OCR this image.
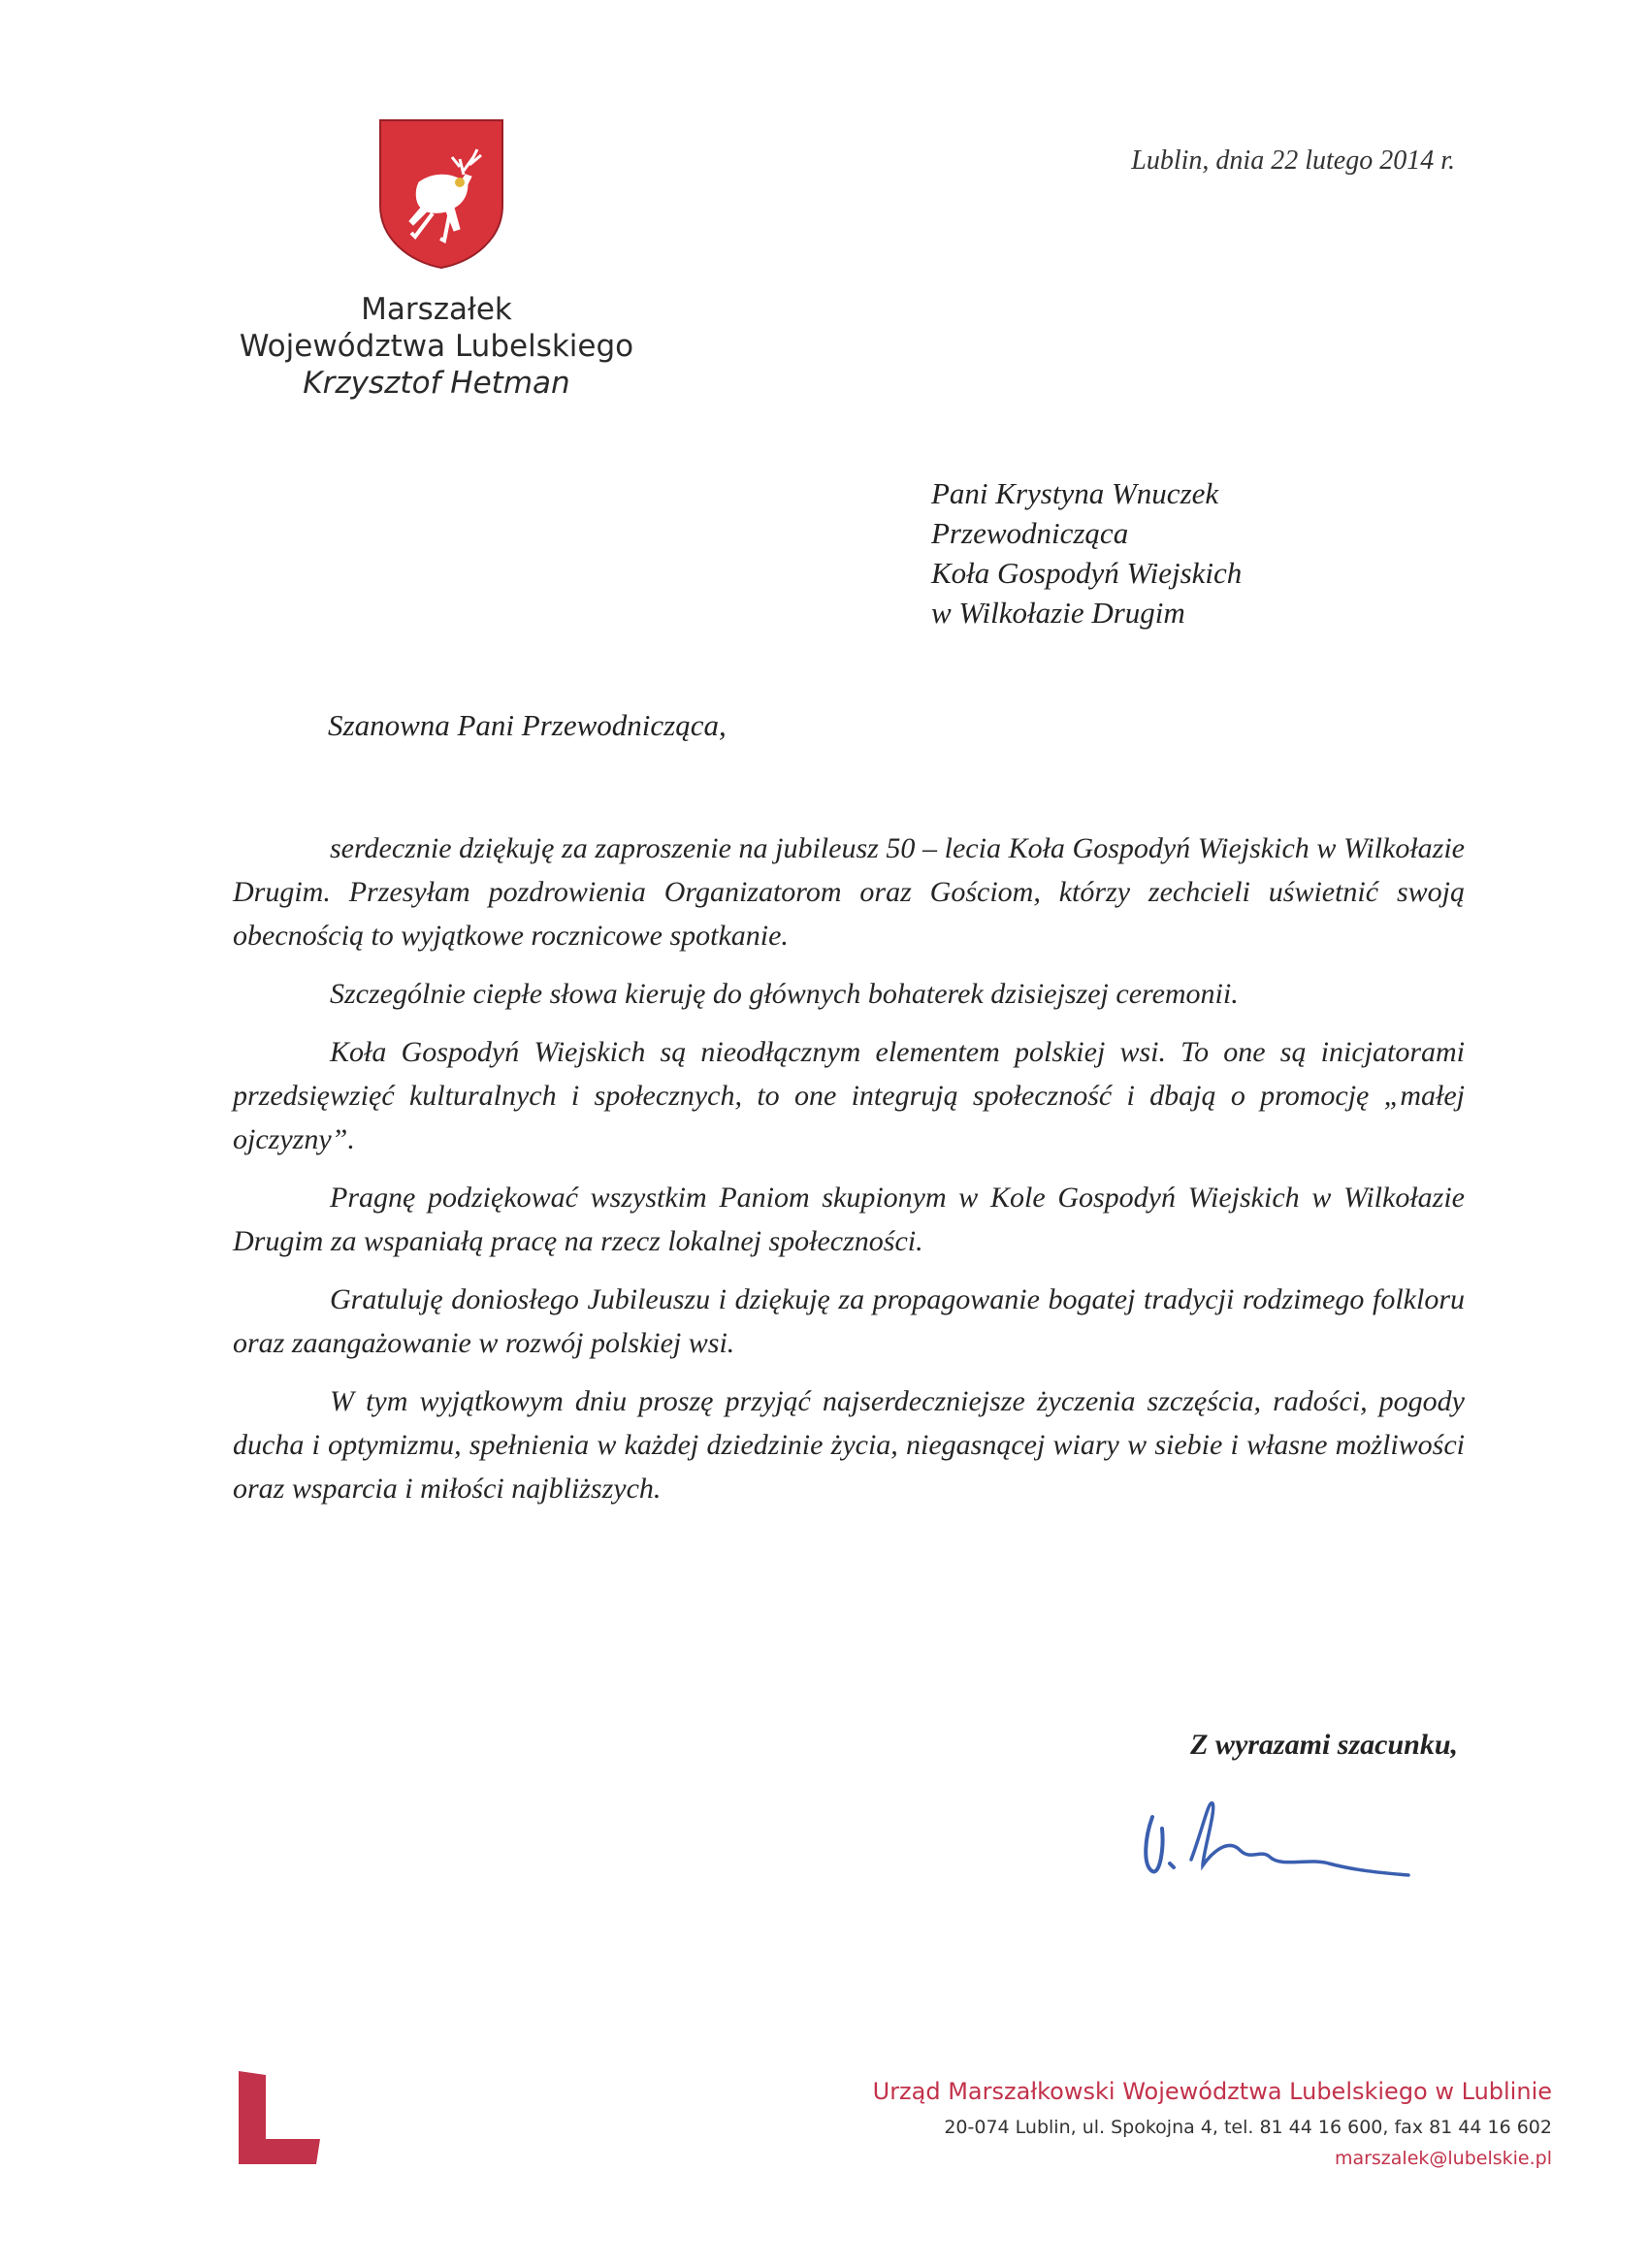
Marszałek
Województwa Lubelskiego
Krzysztof Hetman
Lublin, dnia 22 lutego 2014 r.
Pani Krystyna Wnuczek
Przewodnicząca
Koła Gospodyń Wiejskich
w Wilkołazie Drugim
Szanowna Pani Przewodnicząca,

serdecznie dziękuję za zaproszenie na jubileusz 50 – lecia Koła Gospodyń Wiejskich w Wilkołazie Drugim. Przesyłam pozdrowienia Organizatorom oraz Gościom, którzy zechcieli uświetnić swoją obecnością to wyjątkowe rocznicowe spotkanie.

Szczególnie ciepłe słowa kieruję do głównych bohaterek dzisiejszej ceremonii.

Koła Gospodyń Wiejskich są nieodłącznym elementem polskiej wsi. To one są inicjatorami przedsięwzięć kulturalnych i społecznych, to one integrują społeczność i dbają o promocję „małej ojczyzny”.

Pragnę podziękować wszystkim Paniom skupionym w Kole Gospodyń Wiejskich w Wilkołazie Drugim za wspaniałą pracę na rzecz lokalnej społeczności.

Gratuluję doniosłego Jubileuszu i dziękuję za propagowanie bogatej tradycji rodzimego folkloru oraz zaangażowanie w rozwój polskiej wsi.

W tym wyjątkowym dniu proszę przyjąć najserdeczniejsze życzenia szczęścia, radości, pogody ducha i optymizmu, spełnienia w każdej dziedzinie życia, niegasnącej wiary w siebie i własne możliwości oraz wsparcia i miłości najbliższych.

Z wyrazami szacunku,
Urząd Marszałkowski Województwa Lubelskiego w Lublinie
20-074 Lublin, ul. Spokojna 4, tel. 81 44 16 600, fax 81 44 16 602
marszalek@lubelskie.pl
